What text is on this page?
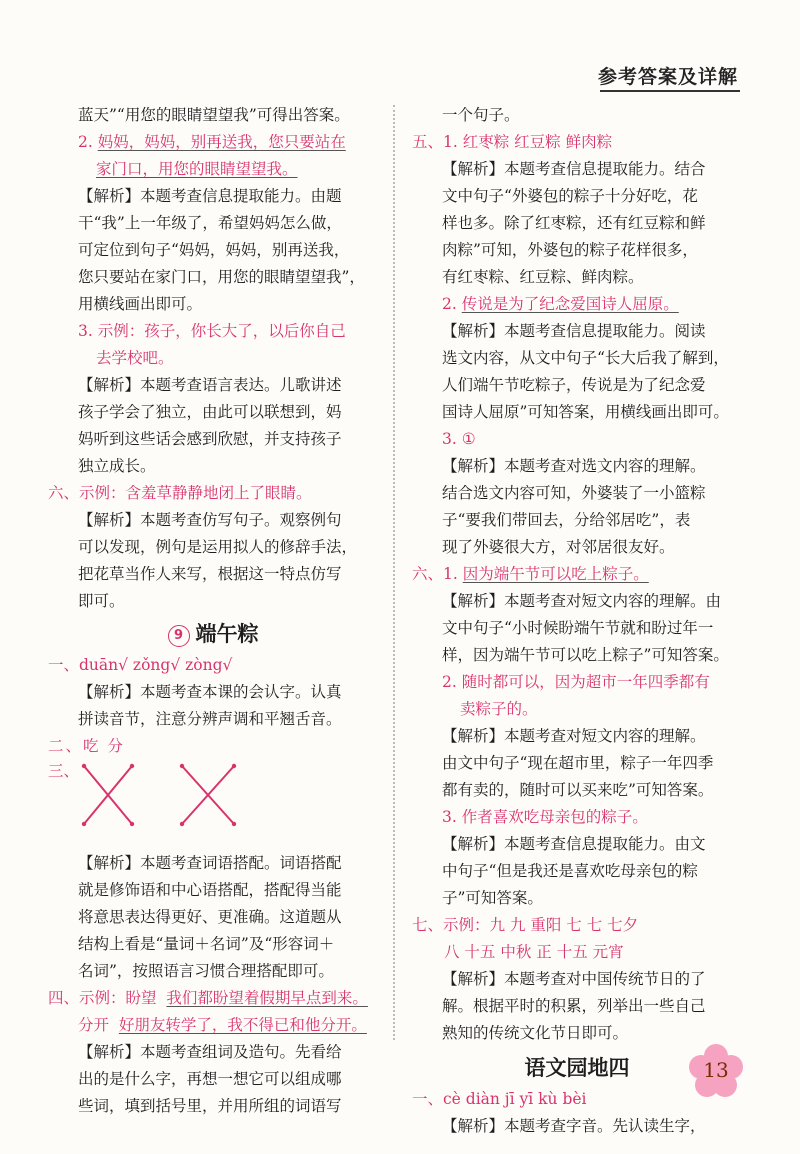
参考答案及详解

蓝天”“用您的眼睛望望我”可得出答案。

2. 妈妈，妈妈，别再送我，您只要站在

家门口，用您的眼睛望望我。

【解析】本题考查信息提取能力。由题

干“我”上一年级了，希望妈妈怎么做，

可定位到句子“妈妈，妈妈，别再送我，

您只要站在家门口，用您的眼睛望望我”，

用横线画出即可。

3. 示例：孩子，你长大了，以后你自己

去学校吧。

【解析】本题考查语言表达。儿歌讲述

孩子学会了独立，由此可以联想到，妈

妈听到这些话会感到欣慰，并支持孩子

独立成长。

六、示例：含羞草静静地闭上了眼睛。

【解析】本题考查仿写句子。观察例句

可以发现，例句是运用拟人的修辞手法，

把花草当作人来写，根据这一特点仿写

即可。

9 端午粽

一、duān√ zǒng√ zòng√

【解析】本题考查本课的会认字。认真

拼读音节，注意分辨声调和平翘舌音。

二、吃 分

三、

【解析】本题考查词语搭配。词语搭配

就是修饰语和中心语搭配，搭配得当能

将意思表达得更好、更准确。这道题从

结构上看是“量词＋名词”及“形容词＋

名词”，按照语言习惯合理搭配即可。

四、示例：盼望 我们都盼望着假期早点到来。

分开 好朋友转学了，我不得已和他分开。

【解析】本题考查组词及造句。先看给

出的是什么字，再想一想它可以组成哪

些词，填到括号里，并用所组的词语写

一个句子。

五、1. 红枣粽 红豆粽 鲜肉粽

【解析】本题考查信息提取能力。结合

文中句子“外婆包的粽子十分好吃，花

样也多。除了红枣粽，还有红豆粽和鲜

肉粽”可知，外婆包的粽子花样很多，

有红枣粽、红豆粽、鲜肉粽。

2. 传说是为了纪念爱国诗人屈原。

【解析】本题考查信息提取能力。阅读

选文内容，从文中句子“长大后我了解到，

人们端午节吃粽子，传说是为了纪念爱

国诗人屈原”可知答案，用横线画出即可。

3. ①

【解析】本题考查对选文内容的理解。

结合选文内容可知，外婆装了一小篮粽

子“要我们带回去，分给邻居吃”，表

现了外婆很大方，对邻居很友好。

六、1. 因为端午节可以吃上粽子。

【解析】本题考查对短文内容的理解。由

文中句子“小时候盼端午节就和盼过年一

样，因为端午节可以吃上粽子”可知答案。

2. 随时都可以，因为超市一年四季都有

卖粽子的。

【解析】本题考查对短文内容的理解。

由文中句子“现在超市里，粽子一年四季

都有卖的，随时可以买来吃”可知答案。

3. 作者喜欢吃母亲包的粽子。

【解析】本题考查信息提取能力。由文

中句子“但是我还是喜欢吃母亲包的粽

子”可知答案。

七、示例：九 九 重阳 七 七 七夕

八 十五 中秋 正 十五 元宵

【解析】本题考查对中国传统节日的了

解。根据平时的积累，列举出一些自己

熟知的传统文化节日即可。

语文园地四

一、cè diàn jī yī kù bèi

【解析】本题考查字音。先认读生字，

13
